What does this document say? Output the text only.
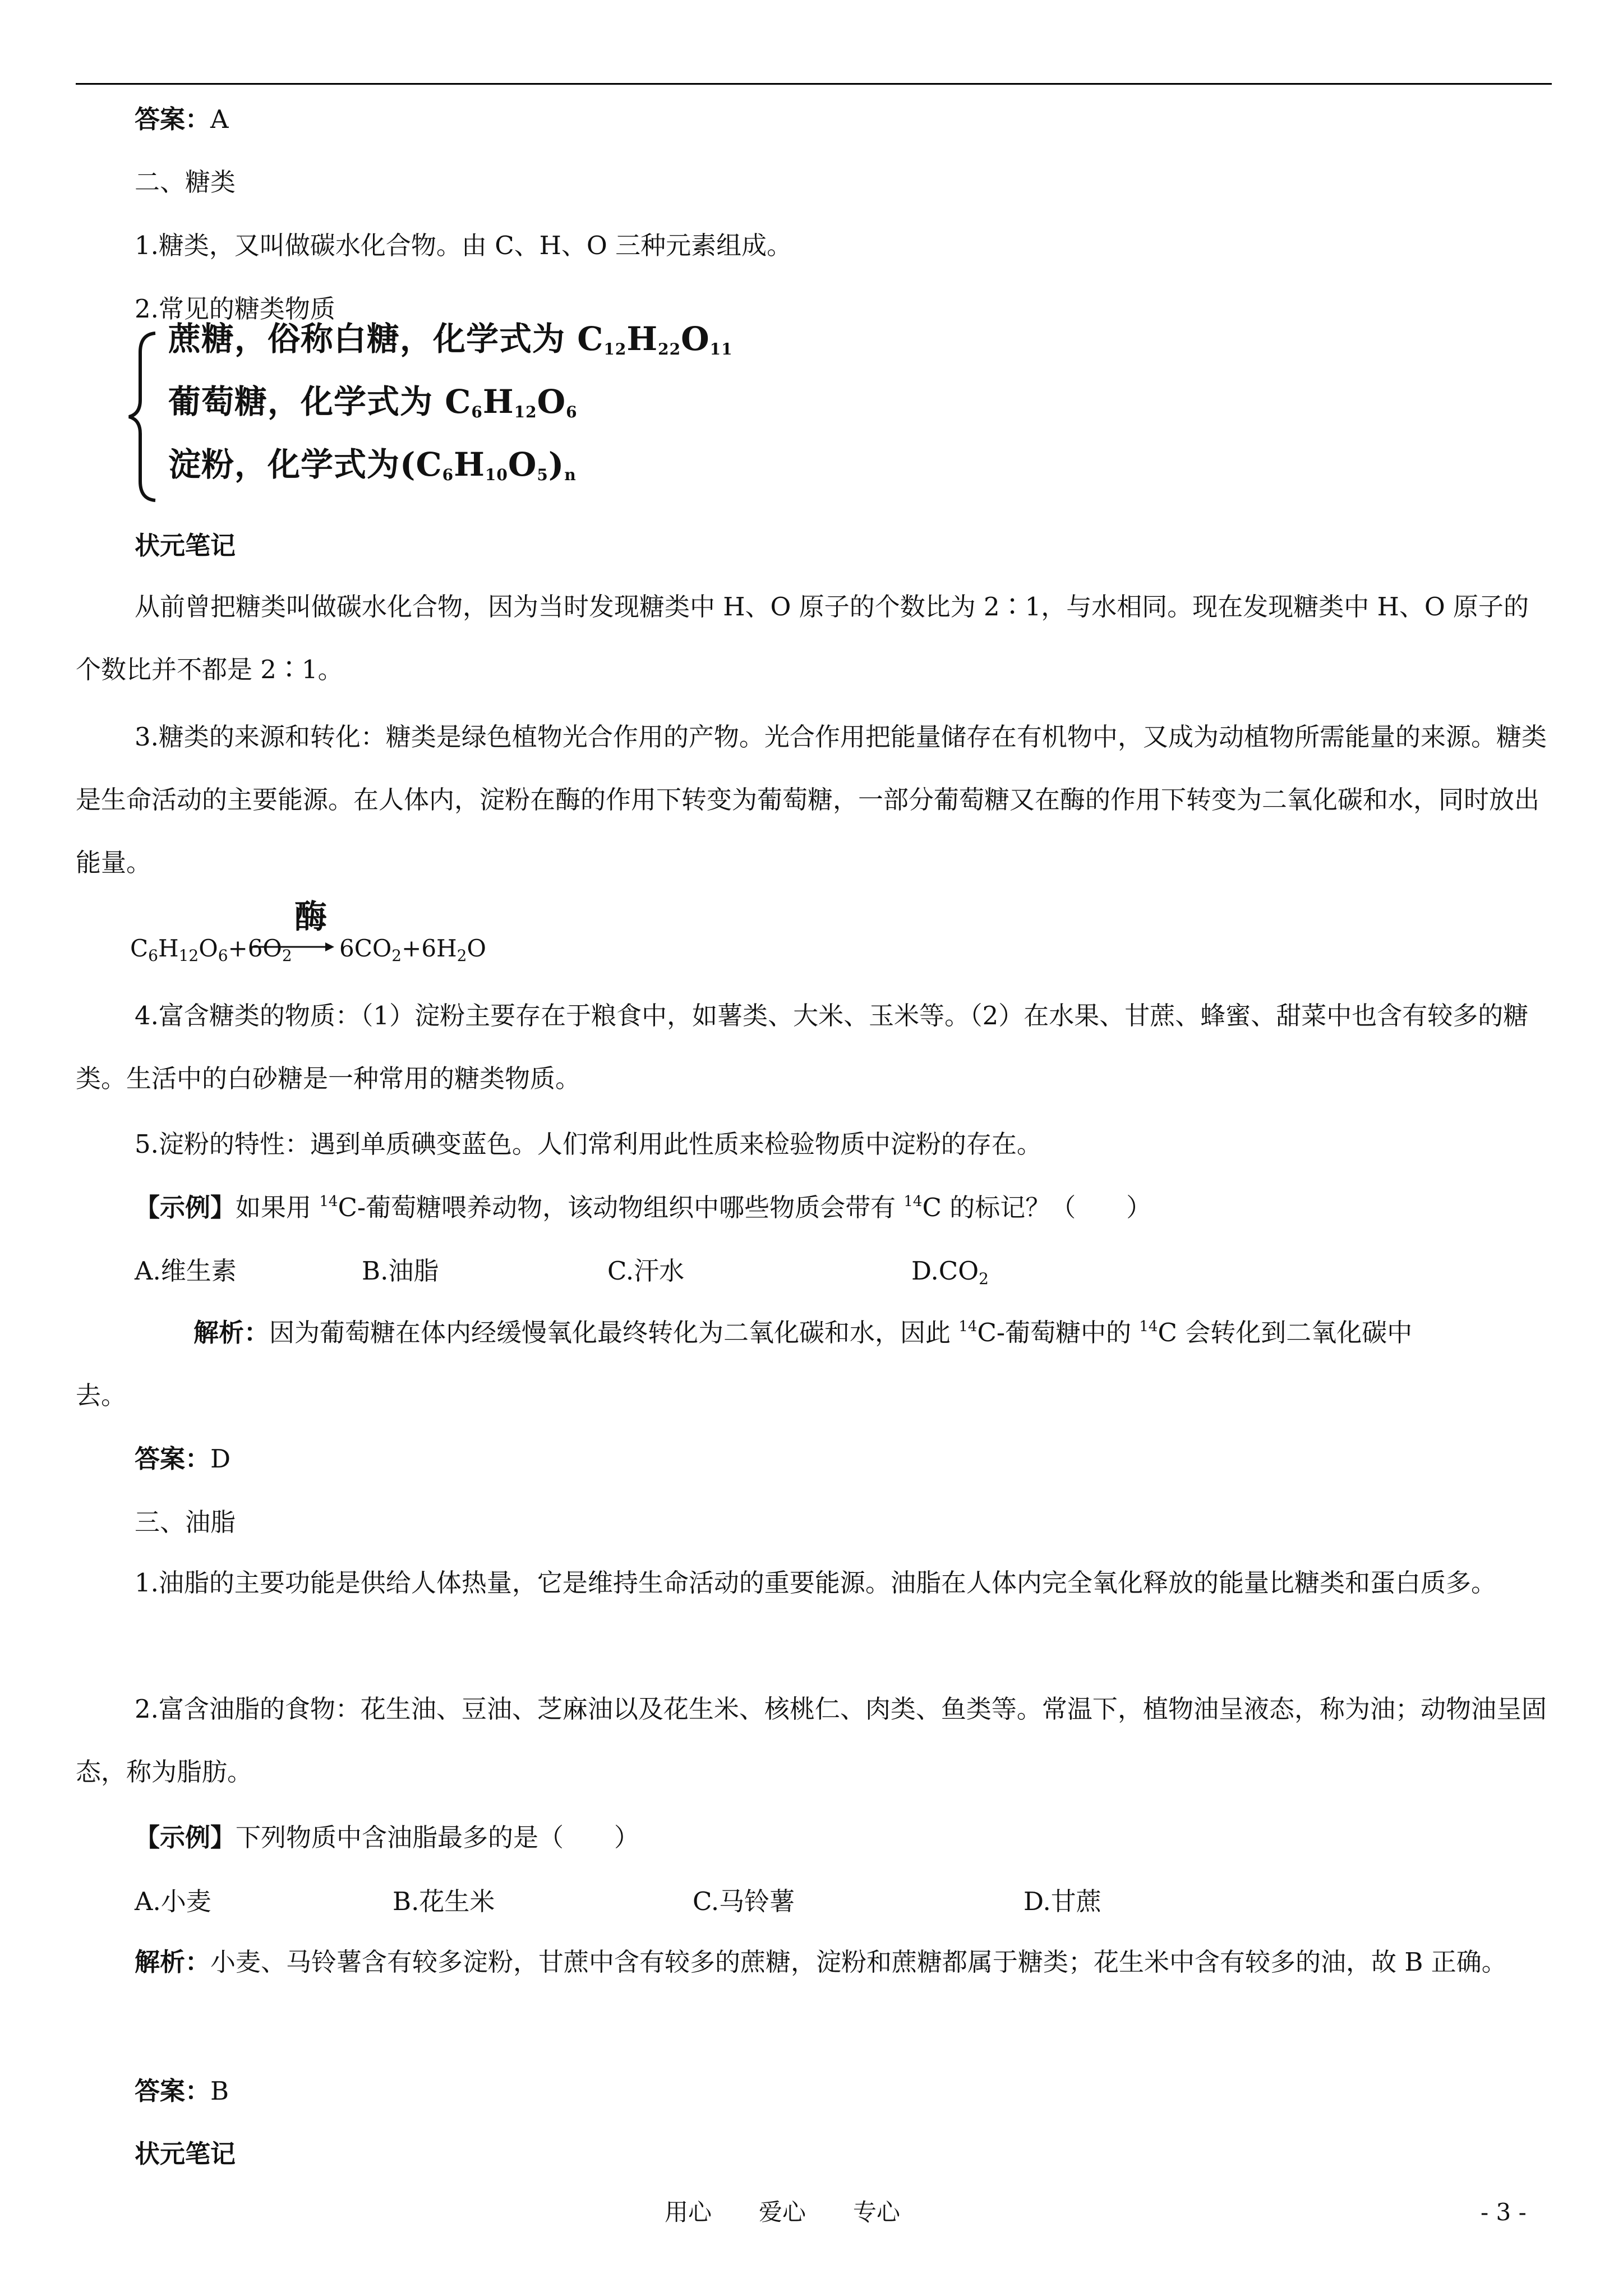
答案：A

二、糖类

1.糖类，又叫做碳水化合物。由 C、H、O 三种元素组成。

2.常见的糖类物质

蔗糖，俗称白糖，化学式为 $C_{12}H_{22}O_{11}$

葡萄糖，化学式为 $C_6H_{12}O_6$

淀粉，化学式为$(C_6H_{10}O_5)_n$

状元笔记

从前曾把糖类叫做碳水化合物，因为当时发现糖类中 H、O 原子的个数比为 2∶1，与水相同。现在发现糖类中 H、O 原子的个数比并不都是 2∶1。

3.糖类的来源和转化：糖类是绿色植物光合作用的产物。光合作用把能量储存在有机物中，又成为动植物所需能量的来源。糖类是生命活动的主要能源。在人体内，淀粉在酶的作用下转变为葡萄糖，一部分葡萄糖又在酶的作用下转变为二氧化碳和水，同时放出能量。

酶

$C_6H_{12}O_6+6O_2$ $6CO_2+6H_2O$

4.富含糖类的物质：（1）淀粉主要存在于粮食中，如薯类、大米、玉米等。（2）在水果、甘蔗、蜂蜜、甜菜中也含有较多的糖类。生活中的白砂糖是一种常用的糖类物质。

5.淀粉的特性：遇到单质碘变蓝色。人们常利用此性质来检验物质中淀粉的存在。

【示例】如果用 $^{14}$C-葡萄糖喂养动物，该动物组织中哪些物质会带有 $^{14}$C 的标记？（　　）

A.维生素	B.油脂	C.汗水	$D.CO_2$

解析：因为葡萄糖在体内经缓慢氧化最终转化为二氧化碳和水，因此 $^{14}$C-葡萄糖中的 $^{14}$C 会转化到二氧化碳中

去。

答案：D

三、油脂

1.油脂的主要功能是供给人体热量，它是维持生命活动的重要能源。油脂在人体内完全氧化释放的能量比糖类和蛋白质多。

2.富含油脂的食物：花生油、豆油、芝麻油以及花生米、核桃仁、肉类、鱼类等。常温下，植物油呈液态，称为油；动物油呈固态，称为脂肪。

【示例】下列物质中含油脂最多的是（　　）

A.小麦	B.花生米	C.马铃薯	D.甘蔗

解析：小麦、马铃薯含有较多淀粉，甘蔗中含有较多的蔗糖，淀粉和蔗糖都属于糖类；花生米中含有较多的油，故 B 正确。

答案：B

状元笔记

用心　　爱心　　专心	- 3 -
